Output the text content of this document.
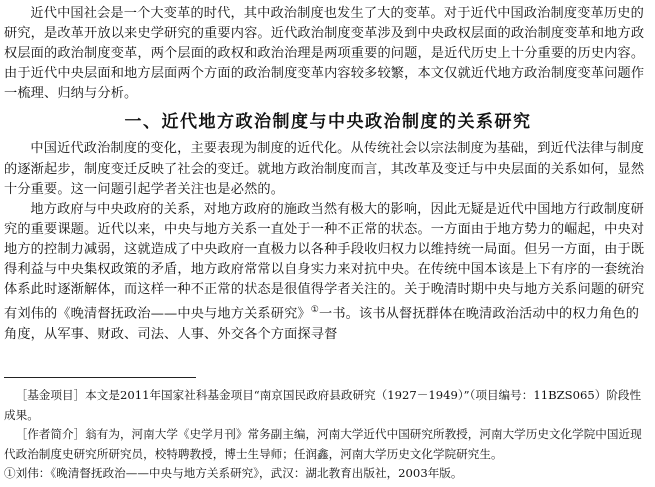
近代中国社会是一个大变革的时代，其中政治制度也发生了大的变革。对于近代中国政治制度变革历史的研究，是改革开放以来史学研究的重要内容。近代政治制度变革涉及到中央政权层面的政治制度变革和地方政权层面的政治制度变革，两个层面的政权和政治治理是两项重要的问题，是近代历史上十分重要的历史内容。由于近代中央层面和地方层面两个方面的政治制度变革内容较多较繁，本文仅就近代地方政治制度变革问题作一梳理、归纳与分析。

一、近代地方政治制度与中央政治制度的关系研究

中国近代政治制度的变化，主要表现为制度的近代化。从传统社会以宗法制度为基础，到近代法律与制度的逐渐起步，制度变迁反映了社会的变迁。就地方政治制度而言，其改革及变迁与中央层面的关系如何，显然十分重要。这一问题引起学者关注也是必然的。

地方政府与中央政府的关系，对地方政府的施政当然有极大的影响，因此无疑是近代中国地方行政制度研究的重要课题。近代以来，中央与地方关系一直处于一种不正常的状态。一方面由于地方势力的崛起，中央对地方的控制力减弱，这就造成了中央政府一直极力以各种手段收归权力以维持统一局面。但另一方面，由于既得利益与中央集权政策的矛盾，地方政府常常以自身实力来对抗中央。在传统中国本该是上下有序的一套统治体系此时逐渐解体，而这样一种不正常的状态是很值得学者关注的。关于晚清时期中央与地方关系问题的研究有刘伟的《晚清督抚政治——中央与地方关系研究》①一书。该书从督抚群体在晚清政治活动中的权力角色的角度，从军事、财政、司法、人事、外交各个方面探寻督

［基金项目］本文是2011年国家社科基金项目“南京国民政府县政研究（1927－1949）”（项目编号：11BZS065）阶段性成果。

［作者简介］翁有为，河南大学《史学月刊》常务副主编，河南大学近代中国研究所教授，河南大学历史文化学院中国近现代政治制度史研究所研究员，校特聘教授，博士生导师；任润鑫，河南大学历史文化学院研究生。

①刘伟：《晚清督抚政治——中央与地方关系研究》，武汉：湖北教育出版社，2003年版。
